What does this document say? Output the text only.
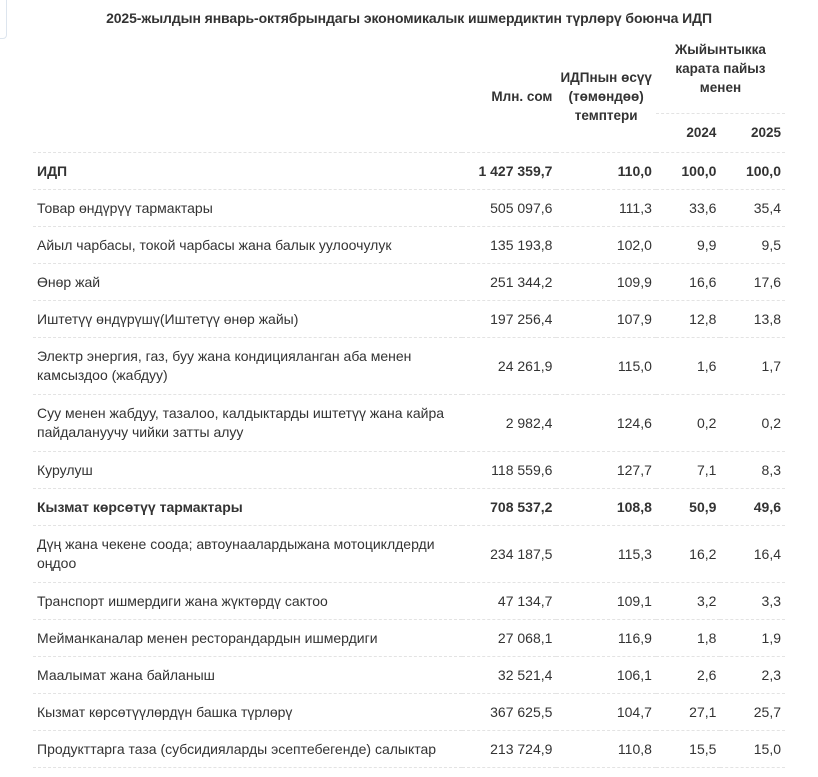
2025-жылдын январь-октябрындагы экономикалык ишмердиктин түрлөрү боюнча ИДП
	Млн. сом	ИДПнын өсүү (төмөндөө) темптери	Жыйынтыкка карата пайыз менен	
			2024	2025
ИДП	1 427 359,7	110,0	100,0	100,0
Товар өндүрүү тармактары	505 097,6	111,3	33,6	35,4
Айыл чарбасы, токой чарбасы жана балык уулоочулук	135 193,8	102,0	9,9	9,5
Өнөр жай	251 344,2	109,9	16,6	17,6
Иштетүү өндүрүшү(Иштетүү өнөр жайы)	197 256,4	107,9	12,8	13,8
Электр энергия, газ, буу жана кондицияланган аба менен камсыздоо (жабдуу)	24 261,9	115,0	1,6	1,7
Суу менен жабдуу, тазалоо, калдыктарды иштетүү жана кайра пайдалануучу чийки затты алуу	2 982,4	124,6	0,2	0,2
Курулуш	118 559,6	127,7	7,1	8,3
Кызмат көрсөтүү тармактары	708 537,2	108,8	50,9	49,6
Дүң жана чекене соода; автоунаалардыжана мотоциклдерди оңдоо	234 187,5	115,3	16,2	16,4
Транспорт ишмердиги жана жүктөрдү сактоо	47 134,7	109,1	3,2	3,3
Мейманканалар менен ресторандардын ишмердиги	27 068,1	116,9	1,8	1,9
Маалымат жана байланыш	32 521,4	106,1	2,6	2,3
Кызмат көрсөтүүлөрдүн башка түрлөрү	367 625,5	104,7	27,1	25,7
Продукттарга таза (субсидияларды эсептебегенде) салыктар	213 724,9	110,8	15,5	15,0
